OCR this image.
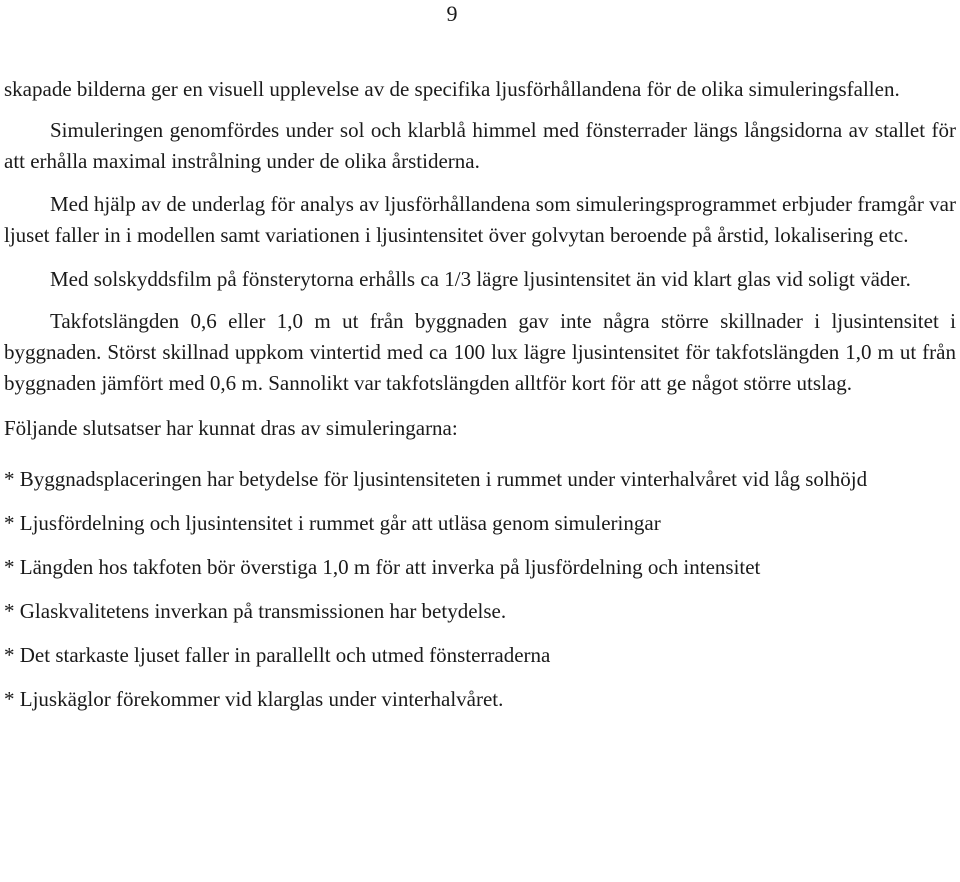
9

skapade bilderna ger en visuell upplevelse av de specifika ljusförhållandena för de olika simuleringsfallen.

Simuleringen genomfördes under sol och klarblå himmel med fönsterrader längs långsidorna av stallet för att erhålla maximal instrålning under de olika årstiderna.

Med hjälp av de underlag för analys av ljusförhållandena som simuleringsprogrammet erbjuder framgår var ljuset faller in i modellen samt variationen i ljusintensitet över golvytan beroende på årstid, lokalisering etc.

Med solskyddsfilm på fönsterytorna erhålls ca 1/3 lägre ljusintensitet än vid klart glas vid soligt väder.

Takfotslängden 0,6 eller 1,0 m ut från byggnaden gav inte några större skillnader i ljusintensitet i byggnaden. Störst skillnad uppkom vintertid med ca 100 lux lägre ljusintensitet för takfotslängden 1,0 m ut från byggnaden jämfört med 0,6 m. Sannolikt var takfotslängden alltför kort för att ge något större utslag.

Följande slutsatser har kunnat dras av simuleringarna:

* Byggnadsplaceringen har betydelse för ljusintensiteten i rummet under vinterhalvåret vid låg solhöjd

* Ljusfördelning och ljusintensitet i rummet går att utläsa genom simuleringar

* Längden hos takfoten bör överstiga 1,0 m för att inverka på ljusfördelning och intensitet

* Glaskvalitetens inverkan på transmissionen har betydelse.

* Det starkaste ljuset faller in parallellt och utmed fönsterraderna

* Ljuskäglor förekommer vid klarglas under vinterhalvåret.
